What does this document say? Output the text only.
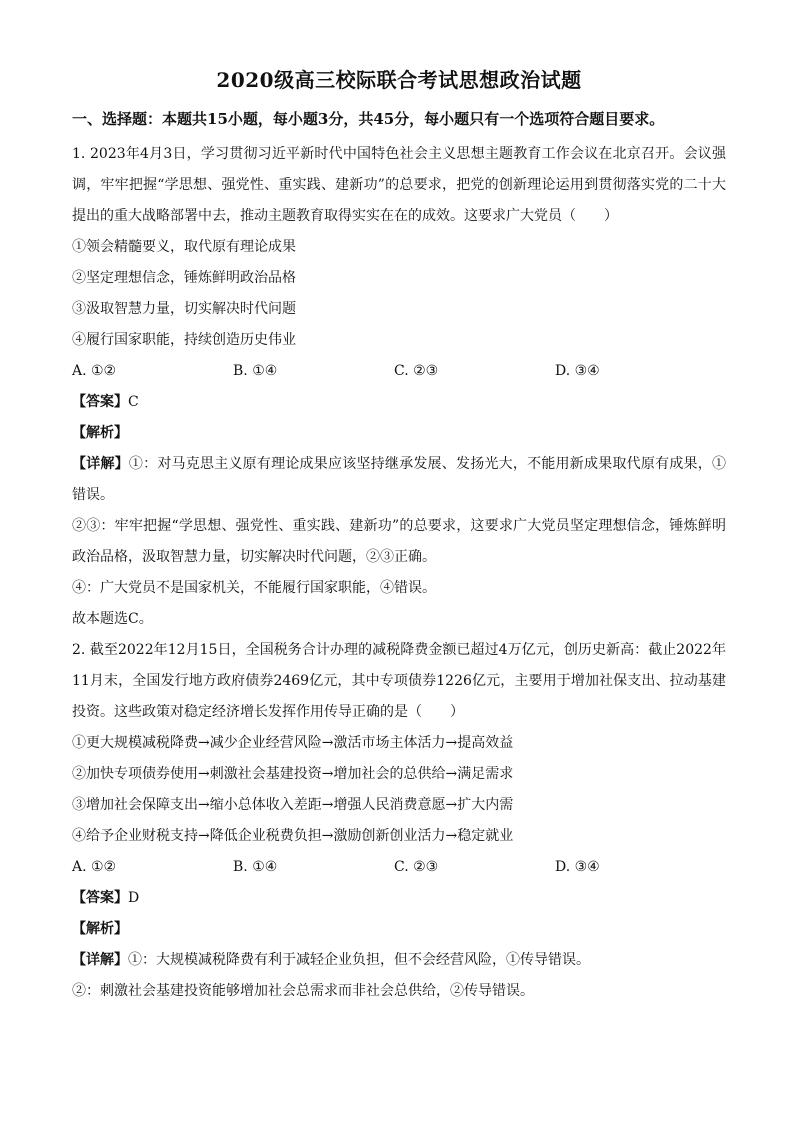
2020级高三校际联合考试思想政治试题
一、选择题：本题共15小题，每小题3分，共45分，每小题只有一个选项符合题目要求。

1. 2023年4月3日，学习贯彻习近平新时代中国特色社会主义思想主题教育工作会议在北京召开。会议强调，牢牢把握“学思想、强党性、重实践、建新功”的总要求，把党的创新理论运用到贯彻落实党的二十大提出的重大战略部署中去，推动主题教育取得实实在在的成效。这要求广大党员（　　）

①领会精髓要义，取代原有理论成果

②坚定理想信念，锤炼鲜明政治品格

③汲取智慧力量，切实解决时代问题

④履行国家职能，持续创造历史伟业

A. ①②	B. ①④	C. ②③	D. ③④

【答案】C

【解析】

【详解】①：对马克思主义原有理论成果应该坚持继承发展、发扬光大，不能用新成果取代原有成果，①错误。

②③：牢牢把握“学思想、强党性、重实践、建新功”的总要求，这要求广大党员坚定理想信念，锤炼鲜明政治品格，汲取智慧力量，切实解决时代问题，②③正确。

④：广大党员不是国家机关，不能履行国家职能，④错误。

故本题选C。

2. 截至2022年12月15日，全国税务合计办理的减税降费金额已超过4万亿元，创历史新高：截止2022年11月末，全国发行地方政府债券2469亿元，其中专项债券1226亿元，主要用于增加社保支出、拉动基建投资。这些政策对稳定经济增长发挥作用传导正确的是（　　）

①更大规模减税降费→减少企业经营风险→激活市场主体活力→提高效益

②加快专项债券使用→刺激社会基建投资→增加社会的总供给→满足需求

③增加社会保障支出→缩小总体收入差距→增强人民消费意愿→扩大内需

④给予企业财税支持→降低企业税费负担→激励创新创业活力→稳定就业

A. ①②	B. ①④	C. ②③	D. ③④

【答案】D

【解析】

【详解】①：大规模减税降费有利于减轻企业负担，但不会经营风险，①传导错误。

②：刺激社会基建投资能够增加社会总需求而非社会总供给，②传导错误。
